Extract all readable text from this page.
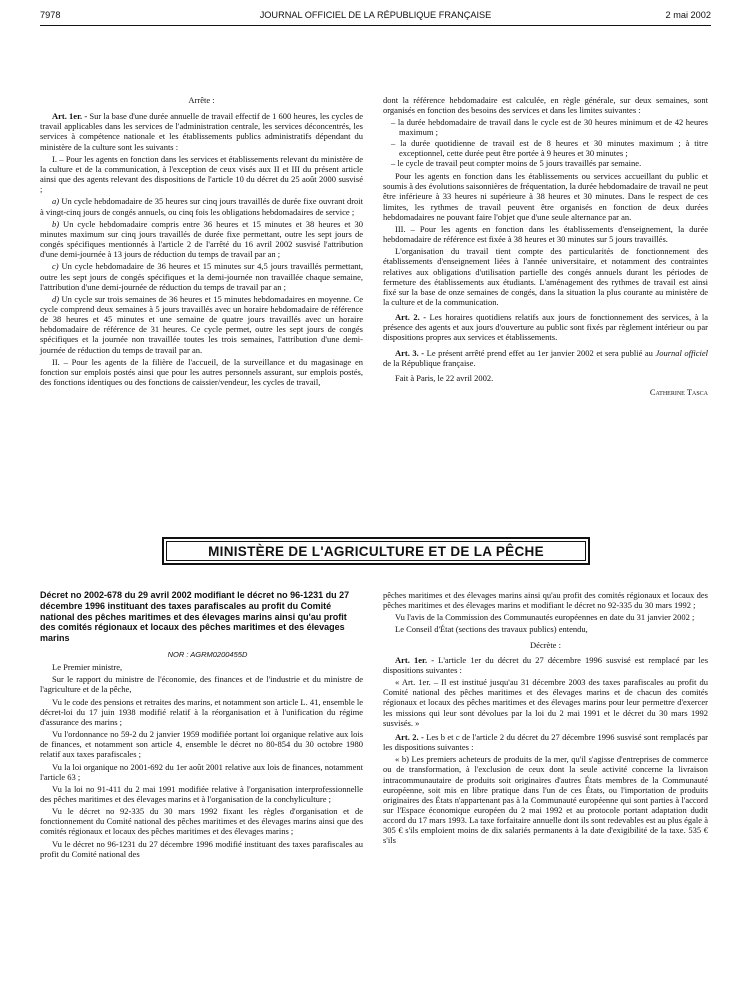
7978	JOURNAL OFFICIEL DE LA RÉPUBLIQUE FRANÇAISE	2 mai 2002

Arrête :

Art. 1er. - Sur la base d'une durée annuelle de travail effectif de 1 600 heures, les cycles de travail applicables dans les services de l'administration centrale, les services déconcentrés, les services à compétence nationale et les établissements publics administratifs dépendant du ministère de la culture sont les suivants :

I. – Pour les agents en fonction dans les services et établissements relevant du ministère de la culture et de la communication, à l'exception de ceux visés aux II et III du présent article ainsi que des agents relevant des dispositions de l'article 10 du décret du 25 août 2000 susvisé ;

a) Un cycle hebdomadaire de 35 heures sur cinq jours travaillés de durée fixe ouvrant droit à vingt-cinq jours de congés annuels, ou cinq fois les obligations hebdomadaires de service ;

b) Un cycle hebdomadaire compris entre 36 heures et 15 minutes et 38 heures et 30 minutes maximum sur cinq jours travaillés de durée fixe permettant, outre les sept jours de congés spécifiques mentionnés à l'article 2 de l'arrêté du 16 avril 2002 susvisé l'attribution d'une demi-journée à 13 jours de réduction du temps de travail par an ;

c) Un cycle hebdomadaire de 36 heures et 15 minutes sur 4,5 jours travaillés permettant, outre les sept jours de congés spécifiques et la demi-journée non travaillée chaque semaine, l'attribution d'une demi-journée de réduction du temps de travail par an ;

d) Un cycle sur trois semaines de 36 heures et 15 minutes hebdomadaires en moyenne. Ce cycle comprend deux semaines à 5 jours travaillés avec un horaire hebdomadaire de référence de 38 heures et 45 minutes et une semaine de quatre jours travaillés avec un horaire hebdomadaire de référence de 31 heures. Ce cycle permet, outre les sept jours de congés spécifiques et la journée non travaillée toutes les trois semaines, l'attribution d'une demi-journée de réduction du temps de travail par an.

II. – Pour les agents de la filière de l'accueil, de la surveillance et du magasinage en fonction sur emplois postés ainsi que pour les autres personnels assurant, sur emplois postés, des fonctions identiques ou des fonctions de caissier/vendeur, les cycles de travail,

dont la référence hebdomadaire est calculée, en règle générale, sur deux semaines, sont organisés en fonction des besoins des services et dans les limites suivantes :

– la durée hebdomadaire de travail dans le cycle est de 30 heures minimum et de 42 heures maximum ;
– la durée quotidienne de travail est de 8 heures et 30 minutes maximum ; à titre exceptionnel, cette durée peut être portée à 9 heures et 30 minutes ;
– le cycle de travail peut compter moins de 5 jours travaillés par semaine.

Pour les agents en fonction dans les établissements ou services accueillant du public et soumis à des évolutions saisonnières de fréquentation, la durée hebdomadaire de travail ne peut être inférieure à 33 heures ni supérieure à 38 heures et 30 minutes. Dans le respect de ces limites, les rythmes de travail peuvent être organisés en fonction de deux durées hebdomadaires ne pouvant faire l'objet que d'une seule alternance par an.

III. – Pour les agents en fonction dans les établissements d'enseignement, la durée hebdomadaire de référence est fixée à 38 heures et 30 minutes sur 5 jours travaillés.

L'organisation du travail tient compte des particularités de fonctionnement des établissements d'enseignement liées à l'année universitaire, et notamment des contraintes relatives aux obligations d'utilisation partielle des congés annuels durant les périodes de fermeture des établissements aux étudiants. L'aménagement des rythmes de travail est ainsi fixé sur la base de onze semaines de congés, dans la situation la plus courante au ministère de la culture et de la communication.

Art. 2. - Les horaires quotidiens relatifs aux jours de fonctionnement des services, à la présence des agents et aux jours d'ouverture au public sont fixés par règlement intérieur ou par dispositions propres aux services et établissements.

Art. 3. - Le présent arrêté prend effet au 1er janvier 2002 et sera publié au Journal officiel de la République française.

Fait à Paris, le 22 avril 2002.

Catherine Tasca

MINISTÈRE DE L'AGRICULTURE ET DE LA PÊCHE
Décret no 2002-678 du 29 avril 2002 modifiant le décret no 96-1231 du 27 décembre 1996 instituant des taxes parafiscales au profit du Comité national des pêches maritimes et des élevages marins ainsi qu'au profit des comités régionaux et locaux des pêches maritimes et des élevages marins

NOR : AGRM0200455D

Le Premier ministre,

Sur le rapport du ministre de l'économie, des finances et de l'industrie et du ministre de l'agriculture et de la pêche,

Vu le code des pensions et retraites des marins, et notamment son article L. 41, ensemble le décret-loi du 17 juin 1938 modifié relatif à la réorganisation et à l'unification du régime d'assurance des marins ;

Vu l'ordonnance no 59-2 du 2 janvier 1959 modifiée portant loi organique relative aux lois de finances, et notamment son article 4, ensemble le décret no 80-854 du 30 octobre 1980 relatif aux taxes parafiscales ;

Vu la loi organique no 2001-692 du 1er août 2001 relative aux lois de finances, notamment l'article 63 ;

Vu la loi no 91-411 du 2 mai 1991 modifiée relative à l'organisation interprofessionnelle des pêches maritimes et des élevages marins et à l'organisation de la conchyliculture ;

Vu le décret no 92-335 du 30 mars 1992 fixant les règles d'organisation et de fonctionnement du Comité national des pêches maritimes et des élevages marins ainsi que des comités régionaux et locaux des pêches maritimes et des élevages marins ;

Vu le décret no 96-1231 du 27 décembre 1996 modifié instituant des taxes parafiscales au profit du Comité national des

pêches maritimes et des élevages marins ainsi qu'au profit des comités régionaux et locaux des pêches maritimes et des élevages marins et modifiant le décret no 92-335 du 30 mars 1992 ;

Vu l'avis de la Commission des Communautés européennes en date du 31 janvier 2002 ;

Le Conseil d'État (sections des travaux publics) entendu,

Décrète :

Art. 1er. - L'article 1er du décret du 27 décembre 1996 susvisé est remplacé par les dispositions suivantes :

« Art. 1er. – Il est institué jusqu'au 31 décembre 2003 des taxes parafiscales au profit du Comité national des pêches maritimes et des élevages marins et de chacun des comités régionaux et locaux des pêches maritimes et des élevages marins pour leur permettre d'exercer les missions qui leur sont dévolues par la loi du 2 mai 1991 et le décret du 30 mars 1992 susvisés. »

Art. 2. - Les b et c de l'article 2 du décret du 27 décembre 1996 susvisé sont remplacés par les dispositions suivantes :

« b) Les premiers acheteurs de produits de la mer, qu'il s'agisse d'entreprises de commerce ou de transformation, à l'exclusion de ceux dont la seule activité concerne la livraison intracommunautaire de produits soit originaires d'autres États membres de la Communauté européenne, soit mis en libre pratique dans l'un de ces États, ou l'importation de produits originaires des États n'appartenant pas à la Communauté européenne qui sont parties à l'accord sur l'Espace économique européen du 2 mai 1992 et au protocole portant adaptation dudit accord du 17 mars 1993. La taxe forfaitaire annuelle dont ils sont redevables est au plus égale à 305 € s'ils emploient moins de dix salariés permanents à la date d'exigibilité de la taxe. 535 € s'ils
